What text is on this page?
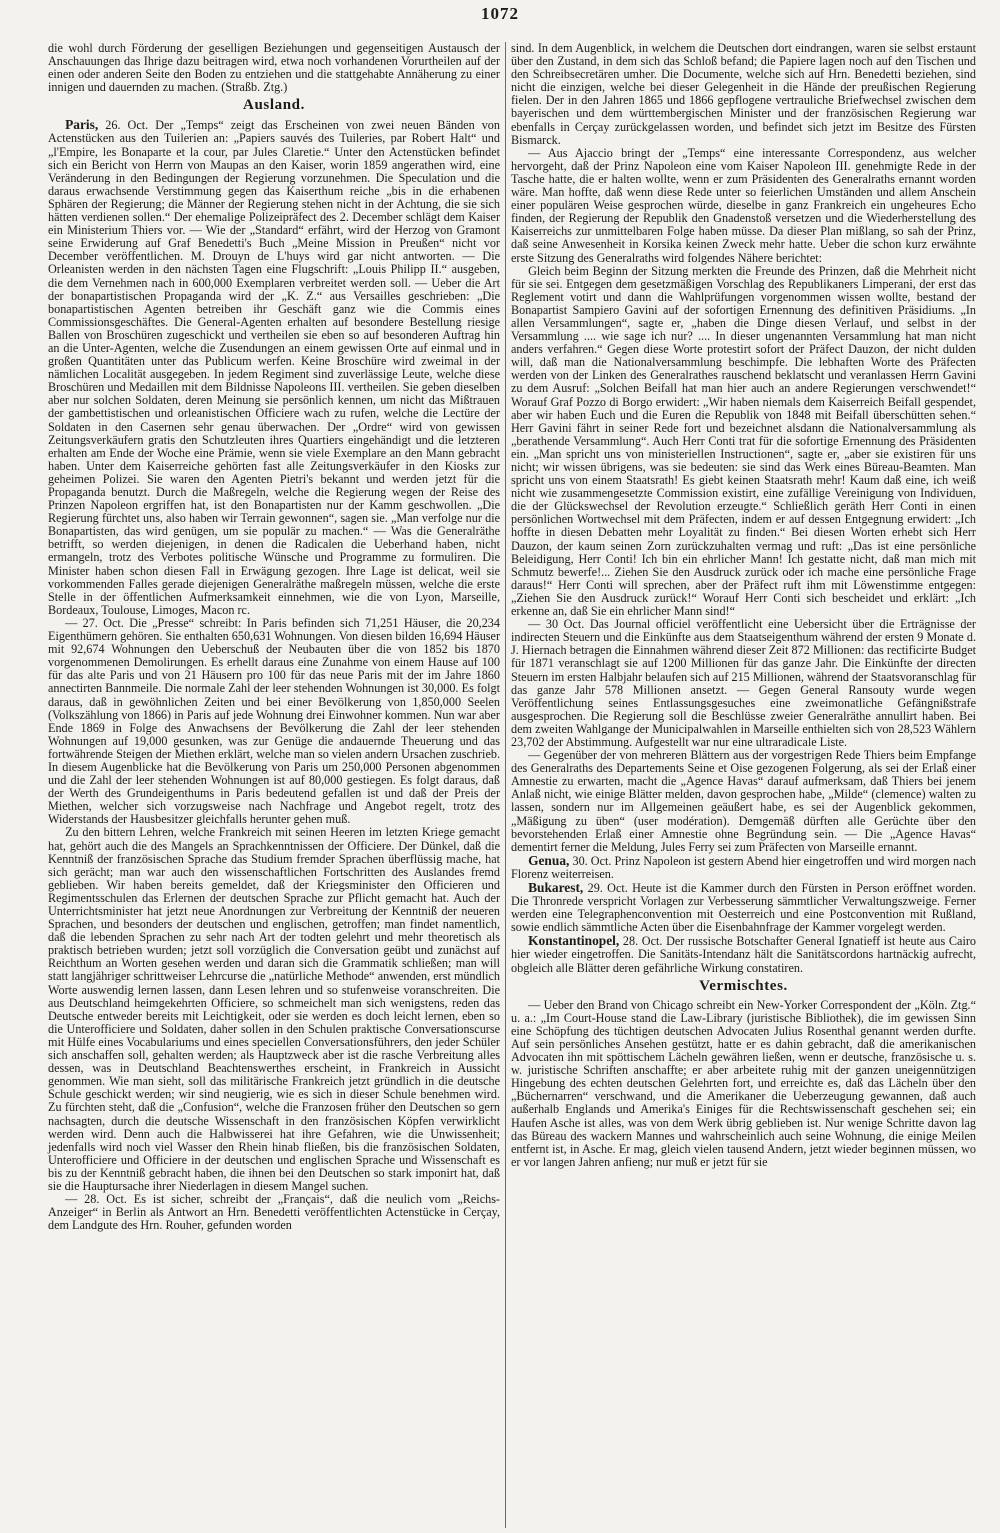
1072

die wohl durch Förderung der geselligen Beziehungen und gegenseitigen Austausch der Anschauungen das Ihrige dazu beitragen wird, etwa noch vorhandenen Vorurtheilen auf der einen oder anderen Seite den Boden zu entziehen und die stattgehabte Annäherung zu einer innigen und dauernden zu machen. (Straßb. Ztg.)

Ausland.

Paris, 26. Oct. Der „Temps“ zeigt das Erscheinen von zwei neuen Bänden von Actenstücken aus den Tuilerien an: „Papiers sauvés des Tuileries, par Robert Halt“ und „l'Empire, les Bonaparte et la cour, par Jules Claretie.“ Unter den Actenstücken befindet sich ein Bericht von Herrn von Maupas an den Kaiser, worin 1859 angerathen wird, eine Veränderung in den Bedingungen der Regierung vorzunehmen. Die Speculation und die daraus erwachsende Verstimmung gegen das Kaiserthum reiche „bis in die erhabenen Sphären der Regierung; die Männer der Regierung stehen nicht in der Achtung, die sie sich hätten verdienen sollen.“ Der ehemalige Polizeipräfect des 2. December schlägt dem Kaiser ein Ministerium Thiers vor. — Wie der „Standard“ erfährt, wird der Herzog von Gramont seine Erwiderung auf Graf Benedetti's Buch „Meine Mission in Preußen“ nicht vor December veröffentlichen. M. Drouyn de L'huys wird gar nicht antworten. — Die Orleanisten werden in den nächsten Tagen eine Flugschrift: „Louis Philipp II.“ ausgeben, die dem Vernehmen nach in 600,000 Exemplaren verbreitet werden soll. — Ueber die Art der bonapartistischen Propaganda wird der „K. Z.“ aus Versailles geschrieben: „Die bonapartistischen Agenten betreiben ihr Geschäft ganz wie die Commis eines Commissionsgeschäftes. Die General-Agenten erhalten auf besondere Bestellung riesige Ballen von Broschüren zugeschickt und vertheilen sie eben so auf besonderen Auftrag hin an die Unter-Agenten, welche die Zusendungen an einem gewissen Orte auf einmal und in großen Quantitäten unter das Publicum werfen. Keine Broschüre wird zweimal in der nämlichen Localität ausgegeben. In jedem Regiment sind zuverlässige Leute, welche diese Broschüren und Medaillen mit dem Bildnisse Napoleons III. vertheilen. Sie geben dieselben aber nur solchen Soldaten, deren Meinung sie persönlich kennen, um nicht das Mißtrauen der gambettistischen und orleanistischen Officiere wach zu rufen, welche die Lectüre der Soldaten in den Casernen sehr genau überwachen. Der „Ordre“ wird von gewissen Zeitungsverkäufern gratis den Schutzleuten ihres Quartiers eingehändigt und die letzteren erhalten am Ende der Woche eine Prämie, wenn sie viele Exemplare an den Mann gebracht haben. Unter dem Kaiserreiche gehörten fast alle Zeitungsverkäufer in den Kiosks zur geheimen Polizei. Sie waren den Agenten Pietri's bekannt und werden jetzt für die Propaganda benutzt. Durch die Maßregeln, welche die Regierung wegen der Reise des Prinzen Napoleon ergriffen hat, ist den Bonapartisten nur der Kamm geschwollen. „Die Regierung fürchtet uns, also haben wir Terrain gewonnen“, sagen sie. „Man verfolge nur die Bonapartisten, das wird genügen, um sie populär zu machen.“ — Was die Generalräthe betrifft, so werden diejenigen, in denen die Radicalen die Ueberhand haben, nicht ermangeln, trotz des Verbotes politische Wünsche und Programme zu formuliren. Die Minister haben schon diesen Fall in Erwägung gezogen. Ihre Lage ist delicat, weil sie vorkommenden Falles gerade diejenigen Generalräthe maßregeln müssen, welche die erste Stelle in der öffentlichen Aufmerksamkeit einnehmen, wie die von Lyon, Marseille, Bordeaux, Toulouse, Limoges, Macon rc.

— 27. Oct. Die „Presse“ schreibt: In Paris befinden sich 71,251 Häuser, die 20,234 Eigenthümern gehören. Sie enthalten 650,631 Wohnungen. Von diesen bilden 16,694 Häuser mit 92,674 Wohnungen den Ueberschuß der Neubauten über die von 1852 bis 1870 vorgenommenen Demolirungen. Es erhellt daraus eine Zunahme von einem Hause auf 100 für das alte Paris und von 21 Häusern pro 100 für das neue Paris mit der im Jahre 1860 annectirten Bannmeile. Die normale Zahl der leer stehenden Wohnungen ist 30,000. Es folgt daraus, daß in gewöhnlichen Zeiten und bei einer Bevölkerung von 1,850,000 Seelen (Volkszählung von 1866) in Paris auf jede Wohnung drei Einwohner kommen. Nun war aber Ende 1869 in Folge des Anwachsens der Bevölkerung die Zahl der leer stehenden Wohnungen auf 19,000 gesunken, was zur Genüge die andauernde Theuerung und das fortwährende Steigen der Miethen erklärt, welche man so vielen andern Ursachen zuschrieb. In diesem Augenblicke hat die Bevölkerung von Paris um 250,000 Personen abgenommen und die Zahl der leer stehenden Wohnungen ist auf 80,000 gestiegen. Es folgt daraus, daß der Werth des Grundeigenthums in Paris bedeutend gefallen ist und daß der Preis der Miethen, welcher sich vorzugsweise nach Nachfrage und Angebot regelt, trotz des Widerstands der Hausbesitzer gleichfalls herunter gehen muß.

Zu den bittern Lehren, welche Frankreich mit seinen Heeren im letzten Kriege gemacht hat, gehört auch die des Mangels an Sprachkenntnissen der Officiere. Der Dünkel, daß die Kenntniß der französischen Sprache das Studium fremder Sprachen überflüssig mache, hat sich gerächt; man war auch den wissenschaftlichen Fortschritten des Auslandes fremd geblieben. Wir haben bereits gemeldet, daß der Kriegsminister den Officieren und Regimentsschulen das Erlernen der deutschen Sprache zur Pflicht gemacht hat. Auch der Unterrichtsminister hat jetzt neue Anordnungen zur Verbreitung der Kenntniß der neueren Sprachen, und besonders der deutschen und englischen, getroffen; man findet namentlich, daß die lebenden Sprachen zu sehr nach Art der todten gelehrt und mehr theoretisch als praktisch betrieben wurden; jetzt soll vorzüglich die Conversation geübt und zunächst auf Reichthum an Worten gesehen werden und daran sich die Grammatik schließen; man will statt langjähriger schrittweiser Lehrcurse die „natürliche Methode“ anwenden, erst mündlich Worte auswendig lernen lassen, dann Lesen lehren und so stufenweise voranschreiten. Die aus Deutschland heimgekehrten Officiere, so schmeichelt man sich wenigstens, reden das Deutsche entweder bereits mit Leichtigkeit, oder sie werden es doch leicht lernen, eben so die Unterofficiere und Soldaten, daher sollen in den Schulen praktische Conversationscurse mit Hülfe eines Vocabulariums und eines speciellen Conversationsführers, den jeder Schüler sich anschaffen soll, gehalten werden; als Hauptzweck aber ist die rasche Verbreitung alles dessen, was in Deutschland Beachtenswerthes erscheint, in Frankreich in Aussicht genommen. Wie man sieht, soll das militärische Frankreich jetzt gründlich in die deutsche Schule geschickt werden; wir sind neugierig, wie es sich in dieser Schule benehmen wird. Zu fürchten steht, daß die „Confusion“, welche die Franzosen früher den Deutschen so gern nachsagten, durch die deutsche Wissenschaft in den französischen Köpfen verwirklicht werden wird. Denn auch die Halbwisserei hat ihre Gefahren, wie die Unwissenheit; jedenfalls wird noch viel Wasser den Rhein hinab fließen, bis die französischen Soldaten, Unterofficiere und Officiere in der deutschen und englischen Sprache und Wissenschaft es bis zu der Kenntniß gebracht haben, die ihnen bei den Deutschen so stark imponirt hat, daß sie die Hauptursache ihrer Niederlagen in diesem Mangel suchen.

— 28. Oct. Es ist sicher, schreibt der „Français“, daß die neulich vom „Reichs-Anzeiger“ in Berlin als Antwort an Hrn. Benedetti veröffentlichten Actenstücke in Cerçay, dem Landgute des Hrn. Rouher, gefunden worden

sind. In dem Augenblick, in welchem die Deutschen dort eindrangen, waren sie selbst erstaunt über den Zustand, in dem sich das Schloß befand; die Papiere lagen noch auf den Tischen und den Schreibsecretären umher. Die Documente, welche sich auf Hrn. Benedetti beziehen, sind nicht die einzigen, welche bei dieser Gelegenheit in die Hände der preußischen Regierung fielen. Der in den Jahren 1865 und 1866 gepflogene vertrauliche Briefwechsel zwischen dem bayerischen und dem württembergischen Minister und der französischen Regierung war ebenfalls in Cerçay zurückgelassen worden, und befindet sich jetzt im Besitze des Fürsten Bismarck.

— Aus Ajaccio bringt der „Temps“ eine interessante Correspondenz, aus welcher hervorgeht, daß der Prinz Napoleon eine vom Kaiser Napoleon III. genehmigte Rede in der Tasche hatte, die er halten wollte, wenn er zum Präsidenten des Generalraths ernannt worden wäre. Man hoffte, daß wenn diese Rede unter so feierlichen Umständen und allem Anschein einer populären Weise gesprochen würde, dieselbe in ganz Frankreich ein ungeheures Echo finden, der Regierung der Republik den Gnadenstoß versetzen und die Wiederherstellung des Kaiserreichs zur unmittelbaren Folge haben müsse. Da dieser Plan mißlang, so sah der Prinz, daß seine Anwesenheit in Korsika keinen Zweck mehr hatte. Ueber die schon kurz erwähnte erste Sitzung des Generalraths wird folgendes Nähere berichtet:

Gleich beim Beginn der Sitzung merkten die Freunde des Prinzen, daß die Mehrheit nicht für sie sei. Entgegen dem gesetzmäßigen Vorschlag des Republikaners Limperani, der erst das Reglement votirt und dann die Wahlprüfungen vorgenommen wissen wollte, bestand der Bonapartist Sampiero Gavini auf der sofortigen Ernennung des definitiven Präsidiums. „In allen Versammlungen“, sagte er, „haben die Dinge diesen Verlauf, und selbst in der Versammlung .... wie sage ich nur? .... In dieser ungenannten Versammlung hat man nicht anders verfahren.“ Gegen diese Worte protestirt sofort der Präfect Dauzon, der nicht dulden will, daß man die Nationalversammlung beschimpfe. Die lebhaften Worte des Präfecten werden von der Linken des Generalrathes rauschend beklatscht und veranlassen Herrn Gavini zu dem Ausruf: „Solchen Beifall hat man hier auch an andere Regierungen verschwendet!“ Worauf Graf Pozzo di Borgo erwidert: „Wir haben niemals dem Kaiserreich Beifall gespendet, aber wir haben Euch und die Euren die Republik von 1848 mit Beifall überschütten sehen.“ Herr Gavini fährt in seiner Rede fort und bezeichnet alsdann die Nationalversammlung als „berathende Versammlung“. Auch Herr Conti trat für die sofortige Ernennung des Präsidenten ein. „Man spricht uns von ministeriellen Instructionen“, sagte er, „aber sie existiren für uns nicht; wir wissen übrigens, was sie bedeuten: sie sind das Werk eines Büreau-Beamten. Man spricht uns von einem Staatsrath! Es giebt keinen Staatsrath mehr! Kaum daß eine, ich weiß nicht wie zusammengesetzte Commission existirt, eine zufällige Vereinigung von Individuen, die der Glückswechsel der Revolution erzeugte.“ Schließlich geräth Herr Conti in einen persönlichen Wortwechsel mit dem Präfecten, indem er auf dessen Entgegnung erwidert: „Ich hoffte in diesen Debatten mehr Loyalität zu finden.“ Bei diesen Worten erhebt sich Herr Dauzon, der kaum seinen Zorn zurückzuhalten vermag und ruft: „Das ist eine persönliche Beleidigung, Herr Conti! Ich bin ein ehrlicher Mann! Ich gestatte nicht, daß man mich mit Schmutz bewerfe!... Ziehen Sie den Ausdruck zurück oder ich mache eine persönliche Frage daraus!“ Herr Conti will sprechen, aber der Präfect ruft ihm mit Löwenstimme entgegen: „Ziehen Sie den Ausdruck zurück!“ Worauf Herr Conti sich bescheidet und erklärt: „Ich erkenne an, daß Sie ein ehrlicher Mann sind!“

— 30 Oct. Das Journal officiel veröffentlicht eine Uebersicht über die Erträgnisse der indirecten Steuern und die Einkünfte aus dem Staatseigenthum während der ersten 9 Monate d. J. Hiernach betragen die Einnahmen während dieser Zeit 872 Millionen: das rectificirte Budget für 1871 veranschlagt sie auf 1200 Millionen für das ganze Jahr. Die Einkünfte der directen Steuern im ersten Halbjahr belaufen sich auf 215 Millionen, während der Staatsvoranschlag für das ganze Jahr 578 Millionen ansetzt. — Gegen General Ransouty wurde wegen Veröffentlichung seines Entlassungsgesuches eine zweimonatliche Gefängnißstrafe ausgesprochen. Die Regierung soll die Beschlüsse zweier Generalräthe annullirt haben. Bei dem zweiten Wahlgange der Municipalwahlen in Marseille enthielten sich von 28,523 Wählern 23,702 der Abstimmung. Aufgestellt war nur eine ultraradicale Liste.

— Gegenüber der von mehreren Blättern aus der vorgestrigen Rede Thiers beim Empfange des Generalraths des Departements Seine et Oise gezogenen Folgerung, als sei der Erlaß einer Amnestie zu erwarten, macht die „Agence Havas“ darauf aufmerksam, daß Thiers bei jenem Anlaß nicht, wie einige Blätter melden, davon gesprochen habe, „Milde“ (clemence) walten zu lassen, sondern nur im Allgemeinen geäußert habe, es sei der Augenblick gekommen, „Mäßigung zu üben“ (user modération). Demgemäß dürften alle Gerüchte über den bevorstehenden Erlaß einer Amnestie ohne Begründung sein. — Die „Agence Havas“ dementirt ferner die Meldung, Jules Ferry sei zum Präfecten von Marseille ernannt.

Genua, 30. Oct. Prinz Napoleon ist gestern Abend hier eingetroffen und wird morgen nach Florenz weiterreisen.

Bukarest, 29. Oct. Heute ist die Kammer durch den Fürsten in Person eröffnet worden. Die Thronrede verspricht Vorlagen zur Verbesserung sämmtlicher Verwaltungszweige. Ferner werden eine Telegraphenconvention mit Oesterreich und eine Postconvention mit Rußland, sowie endlich sämmtliche Acten über die Eisenbahnfrage der Kammer vorgelegt werden.

Konstantinopel, 28. Oct. Der russische Botschafter General Ignatieff ist heute aus Cairo hier wieder eingetroffen. Die Sanitäts-Intendanz hält die Sanitätscordons hartnäckig aufrecht, obgleich alle Blätter deren gefährliche Wirkung constatiren.

Vermischtes.

— Ueber den Brand von Chicago schreibt ein New-Yorker Correspondent der „Köln. Ztg.“ u. a.: „Im Court-House stand die Law-Library (juristische Bibliothek), die im gewissen Sinn eine Schöpfung des tüchtigen deutschen Advocaten Julius Rosenthal genannt werden durfte. Auf sein persönliches Ansehen gestützt, hatte er es dahin gebracht, daß die amerikanischen Advocaten ihn mit spöttischem Lächeln gewähren ließen, wenn er deutsche, französische u. s. w. juristische Schriften anschaffte; er aber arbeitete ruhig mit der ganzen uneigennützigen Hingebung des echten deutschen Gelehrten fort, und erreichte es, daß das Lächeln über den „Büchernarren“ verschwand, und die Amerikaner die Ueberzeugung gewannen, daß auch außerhalb Englands und Amerika's Einiges für die Rechtswissenschaft geschehen sei; ein Haufen Asche ist alles, was von dem Werk übrig geblieben ist. Nur wenige Schritte davon lag das Büreau des wackern Mannes und wahrscheinlich auch seine Wohnung, die einige Meilen entfernt ist, in Asche. Er mag, gleich vielen tausend Andern, jetzt wieder beginnen müssen, wo er vor langen Jahren anfieng; nur muß er jetzt für sie
